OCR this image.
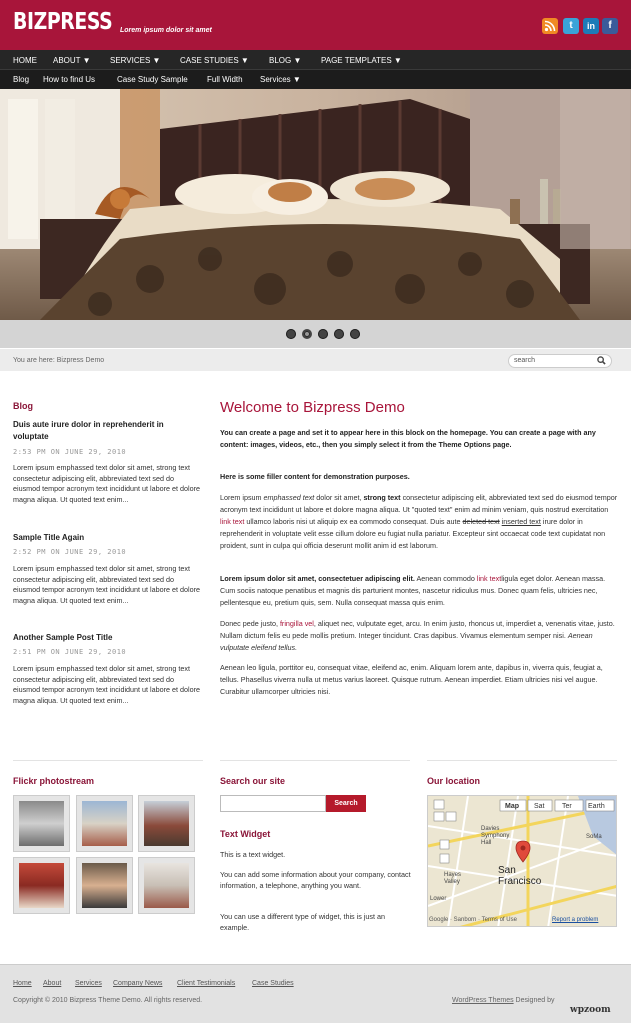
BIZPRESS Lorem ipsum dolor sit amet	t	in	f
HOME ABOUT ▼ SERVICES ▼ CASE STUDIES ▼	BLOG ▼ PAGE TEMPLATES ▼
Blog How to find Us	Case Study Sample Full Width Services ▼
You are here: Bizpress Demo	search
Blog
Duis aute irure dolor in reprehenderit in voluptate
2:53 PM ON JUNE 29, 2010
Lorem ipsum emphassed text dolor sit amet, strong text consectetur adipiscing elit, abbreviated text sed do eiusmod tempor acronym text incididunt ut labore et dolore magna aliqua. Ut quoted text enim...
Sample Title Again
2:52 PM ON JUNE 29, 2010
Lorem ipsum emphassed text dolor sit amet, strong text consectetur adipiscing elit, abbreviated text sed do eiusmod tempor acronym text incididunt ut labore et dolore magna aliqua. Ut quoted text enim...
Another Sample Post Title
2:51 PM ON JUNE 29, 2010
Lorem ipsum emphassed text dolor sit amet, strong text consectetur adipiscing elit, abbreviated text sed do eiusmod tempor acronym text incididunt ut labore et dolore magna aliqua. Ut quoted text enim...
Welcome to Bizpress Demo
You can create a page and set it to appear here in this block on the homepage. You can create a page with any content: images, videos, etc., then you simply select it from the Theme Options page.
Here is some filler content for demonstration purposes.
Lorem ipsum emphassed text dolor sit amet, strong text consectetur adipiscing elit, abbreviated text sed do eiusmod tempor acronym text incididunt ut labore et dolore magna aliqua. Ut "quoted text" enim ad minim veniam, quis nostrud exercitation link text ullamco laboris nisi ut aliquip ex ea commodo consequat. Duis aute deleted text inserted text irure dolor in reprehenderit in voluptate velit esse cillum dolore eu fugiat nulla pariatur. Excepteur sint occaecat code text cupidatat non proident, sunt in culpa qui officia deserunt mollit anim id est laborum.
Lorem ipsum dolor sit amet, consectetuer adipiscing elit. Aenean commodo link textligula eget dolor. Aenean massa. Cum sociis natoque penatibus et magnis dis parturient montes, nascetur ridiculus mus. Donec quam felis, ultricies nec, pellentesque eu, pretium quis, sem. Nulla consequat massa quis enim.
Donec pede justo, fringilla vel, aliquet nec, vulputate eget, arcu. In enim justo, rhoncus ut, imperdiet a, venenatis vitae, justo. Nullam dictum felis eu pede mollis pretium. Integer tincidunt. Cras dapibus. Vivamus elementum semper nisi. Aenean vulputate eleifend tellus.
Aenean leo ligula, porttitor eu, consequat vitae, eleifend ac, enim. Aliquam lorem ante, dapibus in, viverra quis, feugiat a, tellus. Phasellus viverra nulla ut metus varius laoreet. Quisque rutrum. Aenean imperdiet. Etiam ultricies nisi vel augue. Curabitur ullamcorper ultricies nisi.
Flickr photostream	Search our site
Search
Text Widget
This is a text widget.
You can add some information about your company, contact information, a telephone, anything you want.
You can use a different type of widget, this is just an example.
Our location
Map Sat Ter Earth
Davies Symphony Hall
SoMa
Hayes Valley
Lower
San Francisco
Google · Sanborn · Terms of Use	Report a problem
Home About Services Company News Client Testimonials Case Studies
Copyright © 2010 Bizpress Theme Demo. All rights reserved.	WordPress Themes Designed by
wpzoom
